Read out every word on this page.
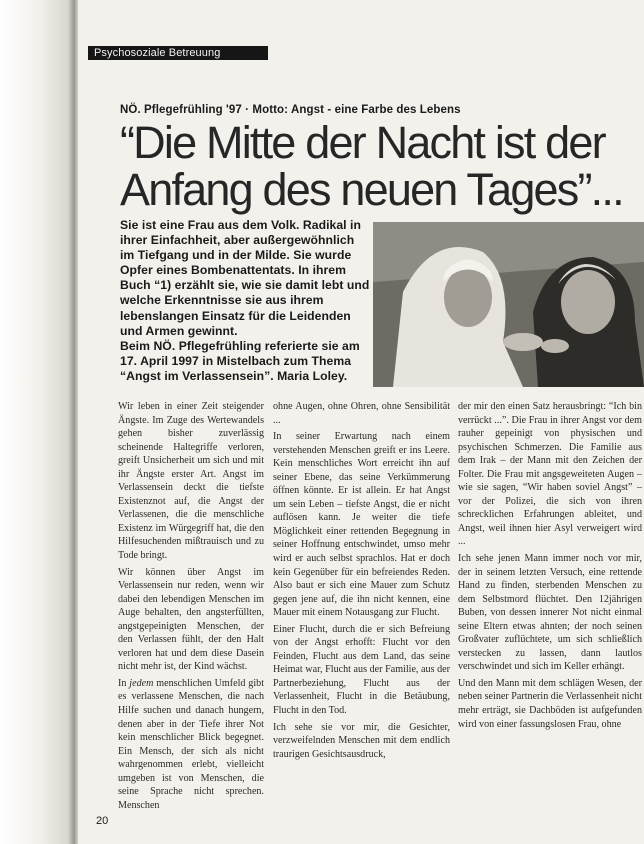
Psychosoziale Betreuung
NÖ. Pflegefrühling '97 · Motto: Angst - eine Farbe des Lebens
“Die Mitte der Nacht ist der
Anfang des neuen Tages”...

Sie ist eine Frau aus dem Volk. Radikal in ihrer Einfachheit, aber außergewöhnlich im Tiefgang und in der Milde. Sie wurde Opfer eines Bombenattentats. In ihrem Buch “1) erzählt sie, wie sie damit lebt und welche Erkenntnisse sie aus ihrem lebenslangen Einsatz für die Leidenden und Armen gewinnt.

Beim NÖ. Pflegefrühling referierte sie am 17. April 1997 in Mistelbach zum Thema “Angst im Verlassensein”. Maria Loley.

Wir leben in einer Zeit steigender Ängste. Im Zuge des Wertewandels gehen bisher zuverlässig scheinende Haltegriffe verloren, greift Unsicherheit um sich und mit ihr Ängste erster Art. Angst im Verlassensein deckt die tiefste Existenznot auf, die Angst der Verlassenen, die die menschliche Existenz im Würgegriff hat, die den Hilfesuchenden mißtrauisch und zu Tode bringt.

Wir können über Angst im Verlassensein nur reden, wenn wir dabei den lebendigen Menschen im Auge behalten, den angsterfüllten, angstgepeinigten Menschen, der den Verlassen fühlt, der den Halt verloren hat und dem diese Dasein nicht mehr ist, der Kind wächst.

In jedem menschlichen Umfeld gibt es verlassene Menschen, die nach Hilfe suchen und danach hungern, denen aber in der Tiefe ihrer Not kein menschlicher Blick begegnet. Ein Mensch, der sich als nicht wahrgenommen erlebt, vielleicht umgeben ist von Menschen, die seine Sprache nicht sprechen. Menschen

ohne Augen, ohne Ohren, ohne Sensibilität ...

In seiner Erwartung nach einem verstehenden Menschen greift er ins Leere. Kein menschliches Wort erreicht ihn auf seiner Ebene, das seine Verkümmerung öffnen könnte. Er ist allein. Er hat Angst um sein Leben – tiefste Angst, die er nicht auflösen kann. Je weiter die tiefe Möglichkeit einer rettenden Begegnung in seiner Hoffnung entschwindet, umso mehr wird er auch selbst sprachlos. Hat er doch kein Gegenüber für ein befreiendes Reden. Also baut er sich eine Mauer zum Schutz gegen jene auf, die ihn nicht kennen, eine Mauer mit einem Notausgang zur Flucht.

Einer Flucht, durch die er sich Befreiung von der Angst erhofft: Flucht vor den Feinden, Flucht aus dem Land, das seine Heimat war, Flucht aus der Familie, aus der Partnerbeziehung, Flucht aus der Verlassenheit, Flucht in die Betäubung, Flucht in den Tod.

Ich sehe sie vor mir, die Gesichter, verzweifelnden Menschen mit dem endlich traurigen Gesichtsausdruck,

der mir den einen Satz herausbringt: “Ich bin verrückt ...”. Die Frau in ihrer Angst vor dem rauher gepeinigt von physischen und psychischen Schmerzen. Die Familie aus dem Irak – der Mann mit den Zeichen der Folter. Die Frau mit angsgeweiteten Augen – wie sie sagen, “Wir haben soviel Angst” – vor der Polizei, die sich von ihren schrecklichen Erfahrungen ableitet, und Angst, weil ihnen hier Asyl verweigert wird ...

Ich sehe jenen Mann immer noch vor mir, der in seinem letzten Versuch, eine rettende Hand zu finden, sterbenden Menschen zu dem Selbstmord flüchtet. Den 12jährigen Buben, von dessen innerer Not nicht einmal seine Eltern etwas ahnten; der noch seinen Großvater zuflüchtete, um sich schließlich verstecken zu lassen, dann lautlos verschwindet und sich im Keller erhängt.

Und den Mann mit dem schlägen Wesen, der neben seiner Partnerin die Verlassenheit nicht mehr erträgt, sie Dachböden ist aufgefunden wird von einer fassungslosen Frau, ohne

20
